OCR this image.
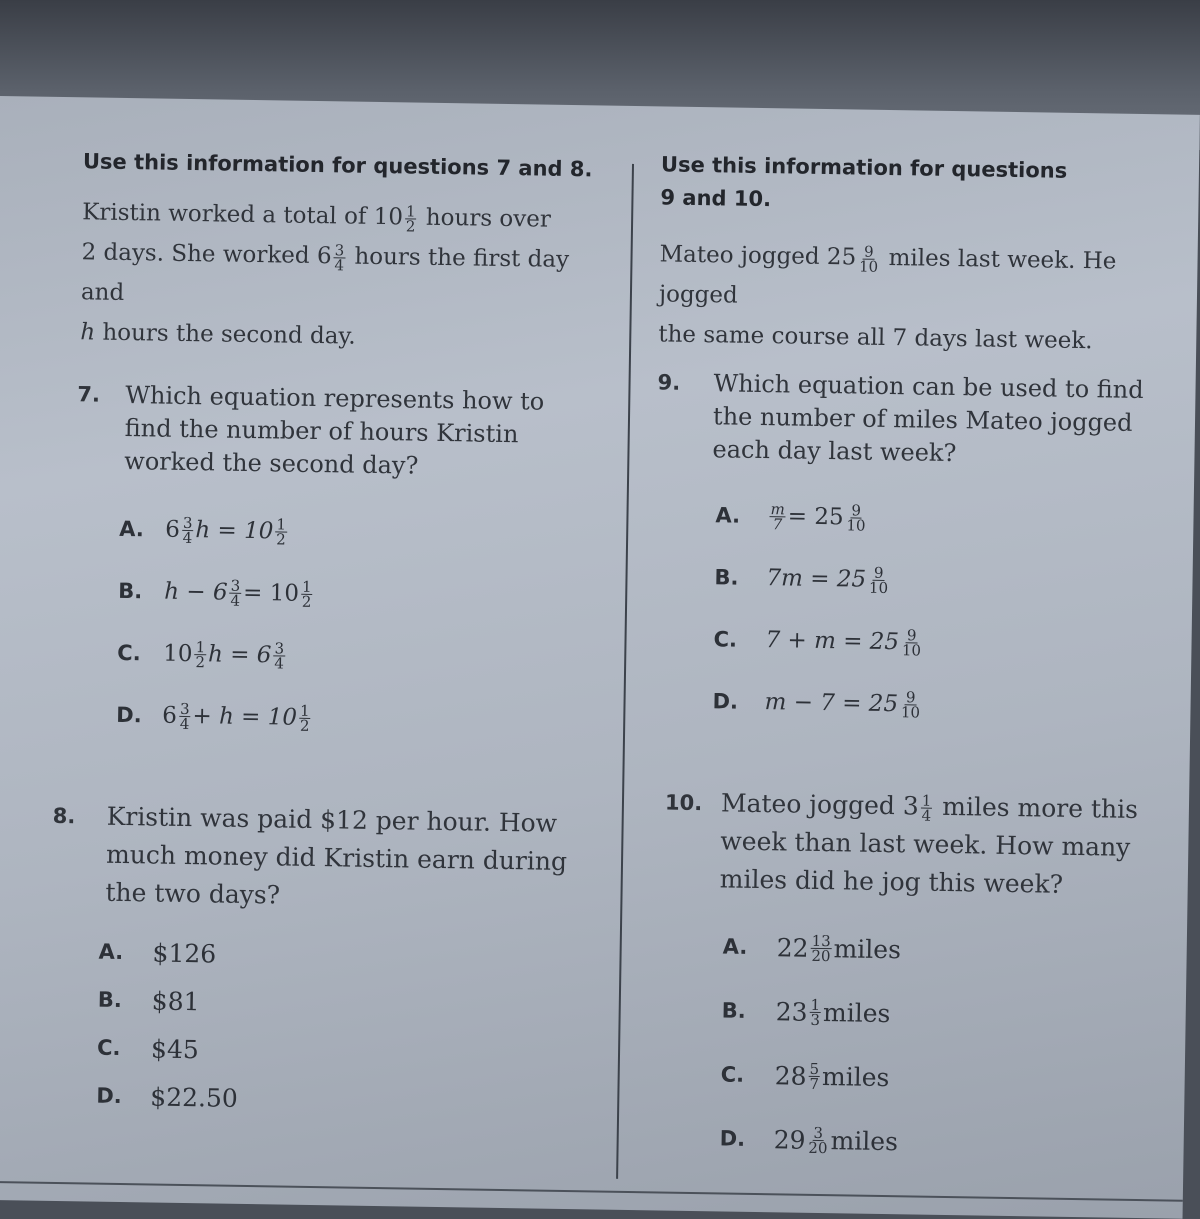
Use this information for questions 7 and 8.
Kristin worked a total of $10 \frac{1}{2}$ hours over
2 days. She worked $6 \frac{3}{4}$ hours the first day and
h hours the second day.
7. Which equation represents how to find the number of hours Kristin worked the second day?
A. $6 \frac{3}{4}$ $h = 10 \frac{1}{2}$
B. $h - 6 \frac{3}{4} = 10 \frac{1}{2}$
C. $10 \frac{1}{2}$ $h = 6 \frac{3}{4}$
D. $6 \frac{3}{4} + h = 10 \frac{1}{2}$
8. Kristin was paid $12 per hour. How much money did Kristin earn during the two days?
A.	$126
B.	$81
C.	$45
D.	$22.50
Use this information for questions
9 and 10.
Mateo jogged $25 \frac{9}{10}$ miles last week. He jogged
the same course all 7 days last week.
9. Which equation can be used to find the number of miles Mateo jogged each day last week?
A.	$\frac{m}{7} = 25 \frac{9}{10}$
B.	$7m = 25 \frac{9}{10}$
C.	$7 + m = 25 \frac{9}{10}$
D.	$m - 7 = 25 \frac{9}{10}$
10. Mateo jogged $3 \frac{1}{4}$ miles more this week than last week. How many miles did he jog this week?
A.	$22 \frac{13}{20}$ miles
B.	$23 \frac{1}{3}$ miles
C.	$28 \frac{5}{7}$ miles
D.	$29 \frac{3}{20}$ miles
